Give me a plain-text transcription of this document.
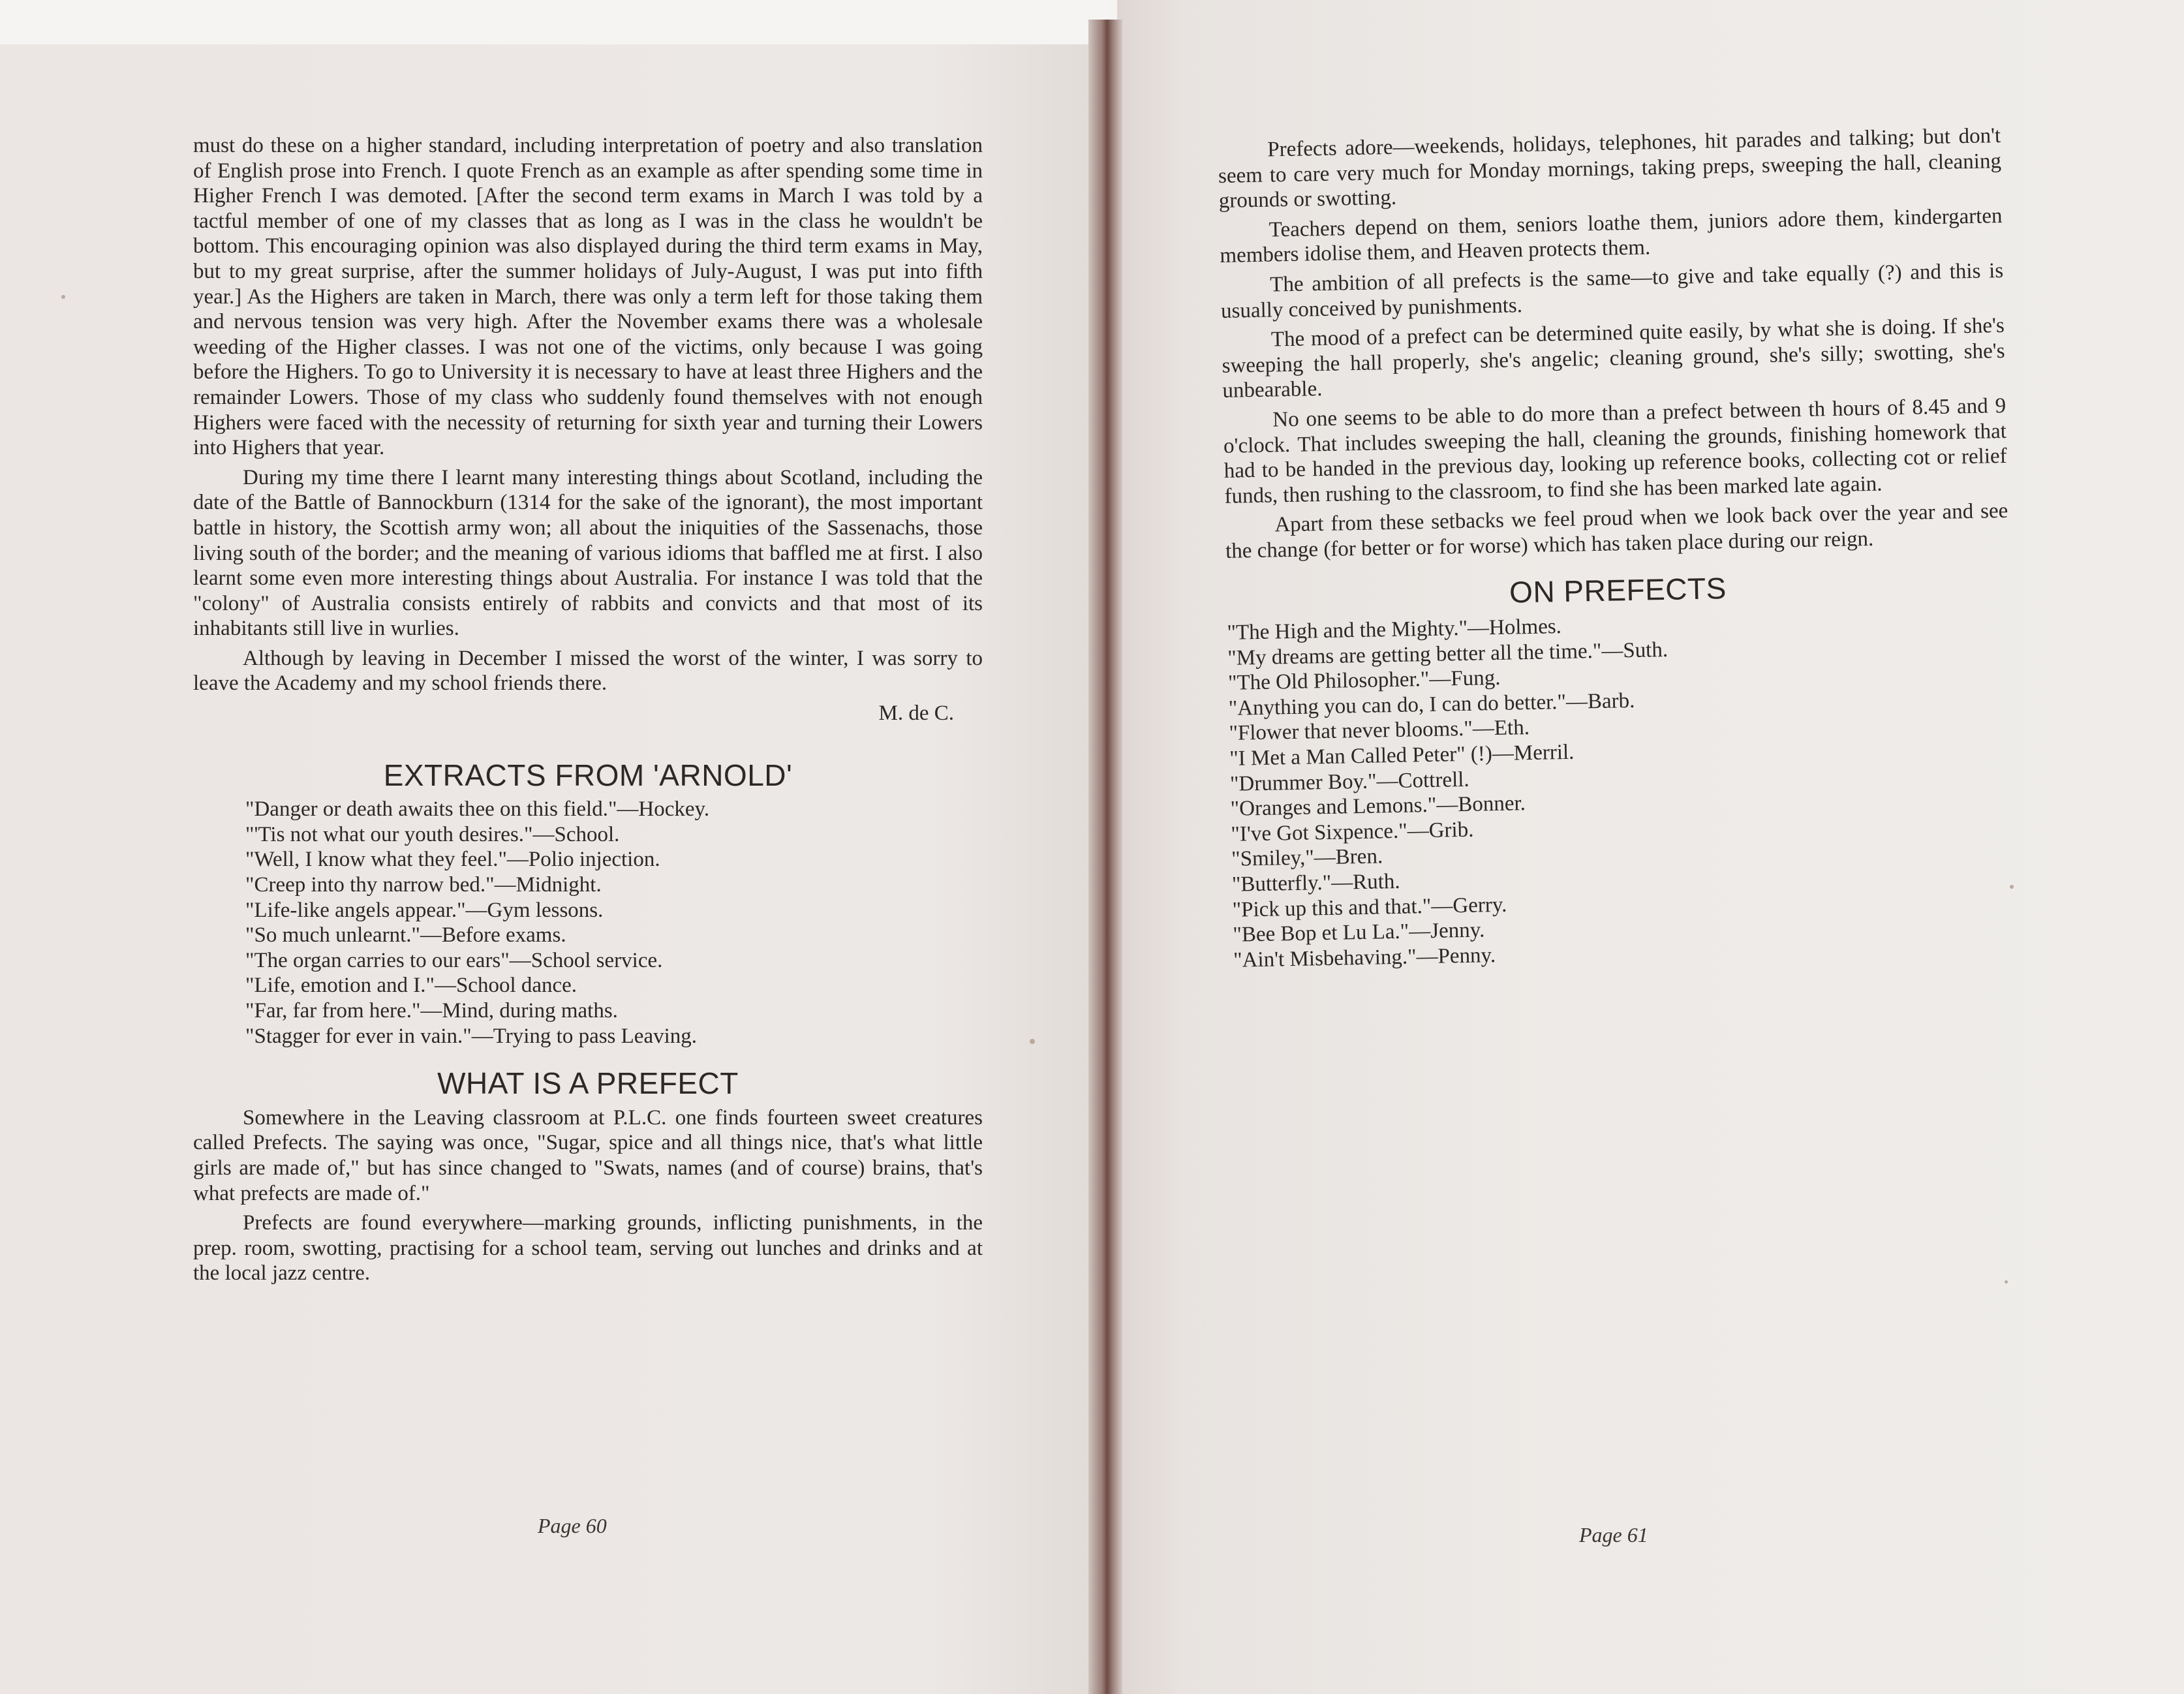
must do these on a higher standard, including interpretation of poetry and also translation of English prose into French. I quote French as an example as after spending some time in Higher French I was demoted. [After the second term exams in March I was told by a tactful member of one of my classes that as long as I was in the class he wouldn't be bottom. This encouraging opinion was also displayed during the third term exams in May, but to my great surprise, after the summer holidays of July-August, I was put into fifth year.] As the Highers are taken in March, there was only a term left for those taking them and nervous tension was very high. After the November exams there was a wholesale weeding of the Higher classes. I was not one of the victims, only because I was going before the Highers. To go to University it is necessary to have at least three Highers and the remainder Lowers. Those of my class who suddenly found themselves with not enough Highers were faced with the necessity of returning for sixth year and turning their Lowers into Highers that year.

During my time there I learnt many interesting things about Scotland, including the date of the Battle of Bannockburn (1314 for the sake of the ignorant), the most important battle in history, the Scottish army won; all about the iniquities of the Sassenachs, those living south of the border; and the meaning of various idioms that baffled me at first. I also learnt some even more interesting things about Australia. For instance I was told that the "colony" of Australia consists entirely of rabbits and convicts and that most of its inhabitants still live in wurlies.

Although by leaving in December I missed the worst of the winter, I was sorry to leave the Academy and my school friends there.

M. de C.

EXTRACTS FROM 'ARNOLD'
"Danger or death awaits thee on this field."—Hockey.
"'Tis not what our youth desires."—School.
"Well, I know what they feel."—Polio injection.
"Creep into thy narrow bed."—Midnight.
"Life-like angels appear."—Gym lessons.
"So much unlearnt."—Before exams.
"The organ carries to our ears"—School service.
"Life, emotion and I."—School dance.
"Far, far from here."—Mind, during maths.
"Stagger for ever in vain."—Trying to pass Leaving.
WHAT IS A PREFECT

Somewhere in the Leaving classroom at P.L.C. one finds fourteen sweet creatures called Prefects. The saying was once, "Sugar, spice and all things nice, that's what little girls are made of," but has since changed to "Swats, names (and of course) brains, that's what prefects are made of."

Prefects are found everywhere—marking grounds, inflicting punishments, in the prep. room, swotting, practising for a school team, serving out lunches and drinks and at the local jazz centre.

Page 60

Prefects adore—weekends, holidays, telephones, hit parades and talking; but don't seem to care very much for Monday mornings, taking preps, sweeping the hall, cleaning grounds or swotting.

Teachers depend on them, seniors loathe them, juniors adore them, kindergarten members idolise them, and Heaven protects them.

The ambition of all prefects is the same—to give and take equally (?) and this is usually conceived by punishments.

The mood of a prefect can be determined quite easily, by what she is doing. If she's sweeping the hall properly, she's angelic; cleaning ground, she's silly; swotting, she's unbearable.

No one seems to be able to do more than a prefect between th hours of 8.45 and 9 o'clock. That includes sweeping the hall, cleaning the grounds, finishing homework that had to be handed in the previous day, looking up reference books, collecting cot or relief funds, then rushing to the classroom, to find she has been marked late again.

Apart from these setbacks we feel proud when we look back over the year and see the change (for better or for worse) which has taken place during our reign.

ON PREFECTS
"The High and the Mighty."—Holmes.
"My dreams are getting better all the time."—Suth.
"The Old Philosopher."—Fung.
"Anything you can do, I can do better."—Barb.
"Flower that never blooms."—Eth.
"I Met a Man Called Peter" (!)—Merril.
"Drummer Boy."—Cottrell.
"Oranges and Lemons."—Bonner.
"I've Got Sixpence."—Grib.
"Smiley,"—Bren.
"Butterfly."—Ruth.
"Pick up this and that."—Gerry.
"Bee Bop et Lu La."—Jenny.
"Ain't Misbehaving."—Penny.
Page 61
